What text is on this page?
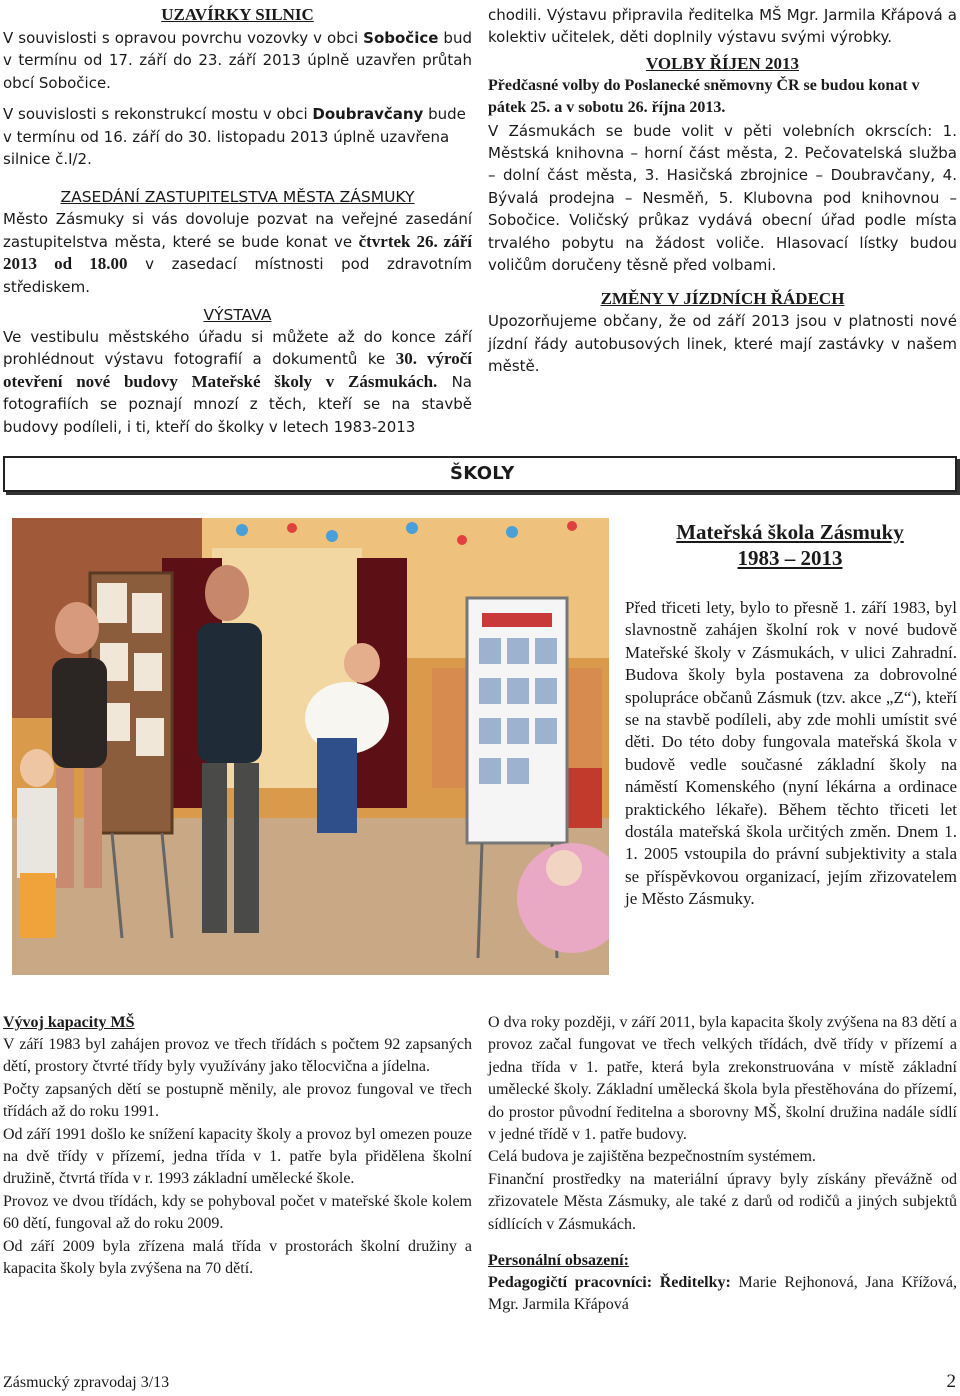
UZAVÍRKY SILNIC

V souvislosti s opravou povrchu vozovky v obci Sobočice bud v termínu od 17. září do 23. září 2013 úplně uzavřen průtah obcí Sobočice.

V souvislosti s rekonstrukcí mostu v obci Doubravčany bude v termínu od 16. září do 30. listopadu 2013 úplně uzavřena silnice č.I/2.

ZASEDÁNÍ ZASTUPITELSTVA MĚSTA ZÁSMUKY

Město Zásmuky si vás dovoluje pozvat na veřejné zasedání zastupitelstva města, které se bude konat ve čtvrtek 26. září 2013 od 18.00 v zasedací místnosti pod zdravotním střediskem.

VÝSTAVA

Ve vestibulu městského úřadu si můžete až do konce září prohlédnout výstavu fotografií a dokumentů ke 30. výročí otevření nové budovy Mateřské školy v Zásmukách. Na fotografiích se poznají mnozí z těch, kteří se na stavbě budovy podíleli, i ti, kteří do školky v letech 1983-2013

chodili. Výstavu připravila ředitelka MŠ Mgr. Jarmila Křápová a kolektiv učitelek, děti doplnily výstavu svými výrobky.

VOLBY ŘÍJEN 2013

Předčasné volby do Poslanecké sněmovny ČR se budou konat v pátek 25. a v sobotu 26. října 2013.

V Zásmukách se bude volit v pěti volebních okrscích: 1. Městská knihovna – horní část města, 2. Pečovatelská služba – dolní část města, 3. Hasičská zbrojnice – Doubravčany, 4. Bývalá prodejna – Nesměň, 5. Klubovna pod knihovnou – Sobočice. Voličský průkaz vydává obecní úřad podle místa trvalého pobytu na žádost voliče. Hlasovací lístky budou voličům doručeny těsně před volbami.

ZMĚNY V JÍZDNÍCH ŘÁDECH

Upozorňujeme občany, že od září 2013 jsou v platnosti nové jízdní řády autobusových linek, které mají zastávky v našem městě.

ŠKOLY
Mateřská škola Zásmuky
1983 – 2013

Před třiceti lety, bylo to přesně 1. září 1983, byl slavnostně zahájen školní rok v nové budově Mateřské školy v Zásmukách, v ulici Zahradní. Budova školy byla postavena za dobrovolné spolupráce občanů Zásmuk (tzv. akce „Z“), kteří se na stavbě podíleli, aby zde mohli umístit své děti. Do této doby fungovala mateřská škola v budově vedle současné základní školy na náměstí Komenského (nyní lékárna a ordinace praktického lékaře). Během těchto třiceti let dostála mateřská škola určitých změn. Dnem 1. 1. 2005 vstoupila do právní subjektivity a stala se příspěvkovou organizací, jejím zřizovatelem je Město Zásmuky.

Vývoj kapacity MŠ

V září 1983 byl zahájen provoz ve třech třídách s počtem 92 zapsaných dětí, prostory čtvrté třídy byly využívány jako tělocvična a jídelna.

Počty zapsaných dětí se postupně měnily, ale provoz fungoval ve třech třídách až do roku 1991.

Od září 1991 došlo ke snížení kapacity školy a provoz byl omezen pouze na dvě třídy v přízemí, jedna třída v 1. patře byla přidělena školní družině, čtvrtá třída v r. 1993 základní umělecké škole.

Provoz ve dvou třídách, kdy se pohyboval počet v mateřské škole kolem 60 dětí, fungoval až do roku 2009.

Od září 2009 byla zřízena malá třída v prostorách školní družiny a kapacita školy byla zvýšena na 70 dětí.

O dva roky později, v září 2011, byla kapacita školy zvýšena na 83 dětí a provoz začal fungovat ve třech velkých třídách, dvě třídy v přízemí a jedna třída v 1. patře, která byla zrekonstruována v místě základní umělecké školy. Základní umělecká škola byla přestěhována do přízemí, do prostor původní ředitelna a sborovny MŠ, školní družina nadále sídlí v jedné třídě v 1. patře budovy.

Celá budova je zajištěna bezpečnostním systémem.

Finanční prostředky na materiální úpravy byly získány převážně od zřizovatele Města Zásmuky, ale také z darů od rodičů a jiných subjektů sídlících v Zásmukách.

Personální obsazení:

Pedagogičtí pracovníci: Ředitelky: Marie Rejhonová, Jana Křížová, Mgr. Jarmila Křápová

Zásmucký zpravodaj 3/13	2
